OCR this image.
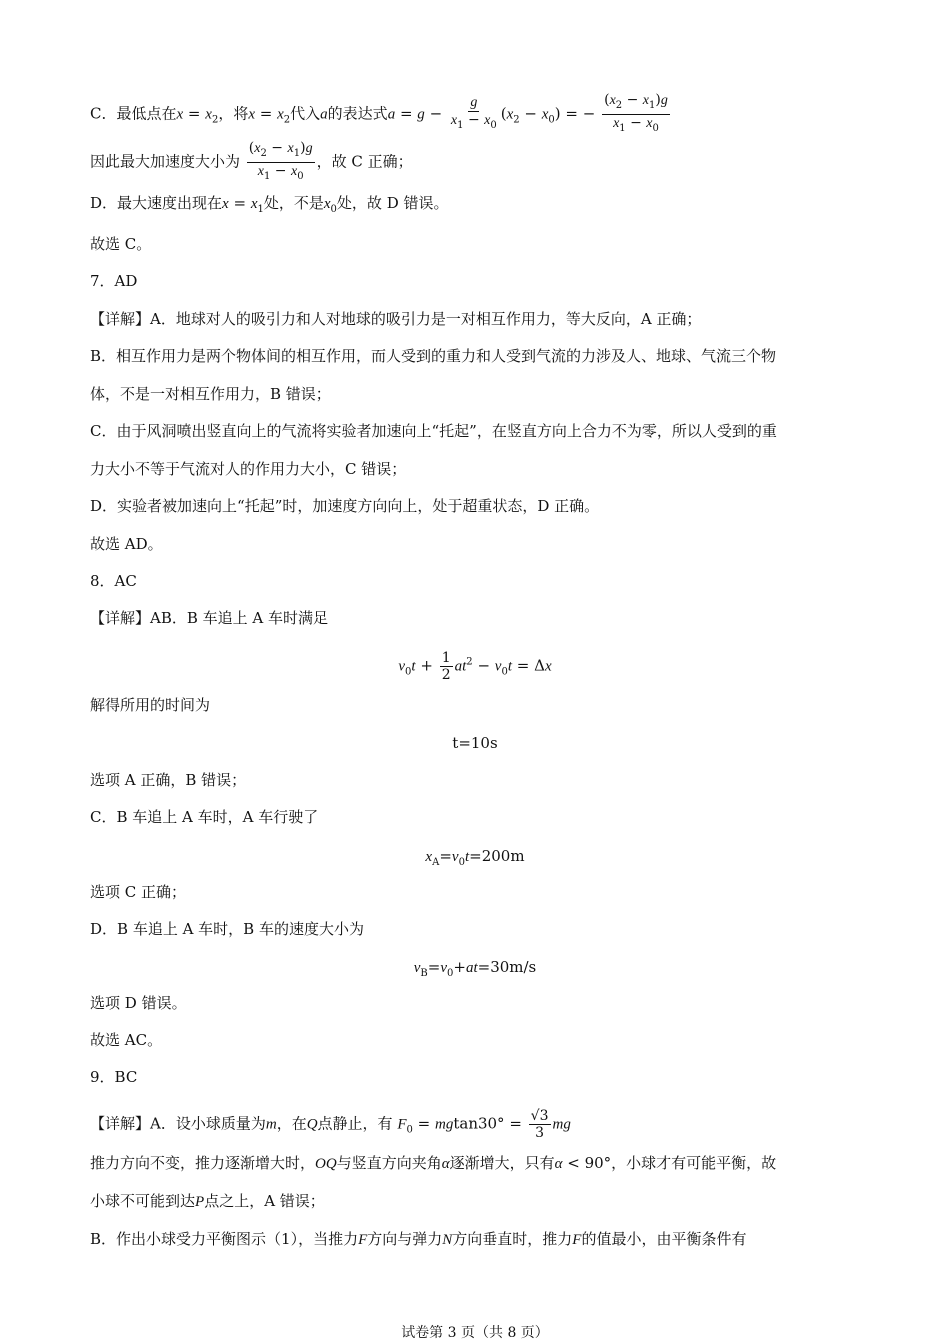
C．最低点在$x = x_2$，将$x = x_2$代入a的表达式$a = g - \frac{g}{x_1 - x_0} (x_2 - x_0)$ = − $\frac{(x_2 - x_1)g}{x_1 - x_0}$
因此最大加速度大小为 $\frac{(x_2 - x_1)g}{x_1 - x_0}$ ，故 C 正确；
D．最大速度出现在$x = x_1$处，不是$x_0$处，故 D 错误。
故选 C。
7．AD
【详解】A．地球对人的吸引力和人对地球的吸引力是一对相互作用力，等大反向，A 正确；
B．相互作用力是两个物体间的相互作用，而人受到的重力和人受到气流的力涉及人、地球、气流三个物
体，不是一对相互作用力，B 错误；
C．由于风洞喷出竖直向上的气流将实验者加速向上“托起”，在竖直方向上合力不为零，所以人受到的重
力大小不等于气流对人的作用力大小，C 错误；
D．实验者被加速向上“托起”时，加速度方向向上，处于超重状态，D 正确。
故选 AD。
8．AC
【详解】AB．B 车追上 A 车时满足
$v_0t + \frac{1}{2} at^2 - v_0t = \Delta x$
解得所用的时间为
t=10s
选项 A 正确，B 错误；
C．B 车追上 A 车时，A 车行驶了
$x_A=v_0t=200m$
选项 C 正确；
D．B 车追上 A 车时，B 车的速度大小为
$v_B=v_0+at=30m/s$
选项 D 错误。
故选 AC。
9．BC
【详解】A．设小球质量为m，在Q点静止，有 $F_0 = mgtan30^\circ = \frac{√3}{3}$ mg
推力方向不变，推力逐渐增大时，OQ与竖直方向夹角α逐渐增大，只有α < 90°，小球才有可能平衡，故
小球不可能到达P点之上，A 错误；
B．作出小球受力平衡图示（1），当推力F方向与弹力N方向垂直时，推力F的值最小，由平衡条件有
试卷第 3 页（共 8 页）
